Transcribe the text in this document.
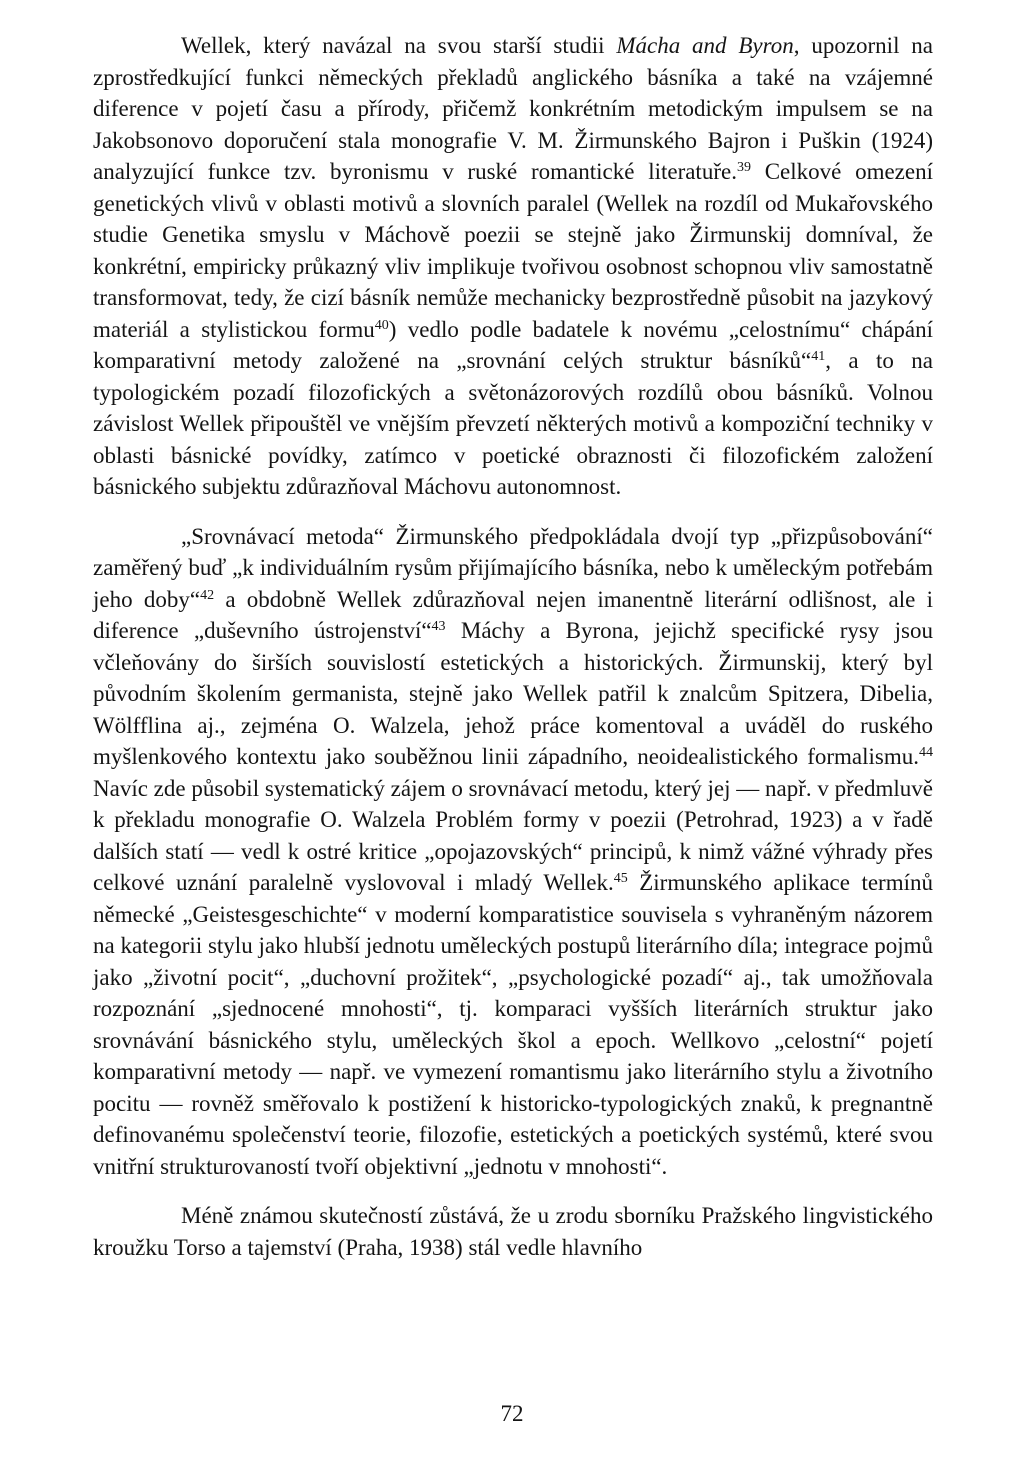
Wellek, který navázal na svou starší studii Mácha and Byron, upozornil na zprostředkující funkci německých překladů anglického básníka a také na vzájemné diference v pojetí času a přírody, přičemž konkrétním metodickým impulsem se na Jakobsonovo doporučení stala monografie V. M. Žirmunského Bajron i Puškin (1924) analyzující funkce tzv. byronismu v ruské romantické literatuře.$^{39}$ Celkové omezení genetických vlivů v oblasti motivů a slovních paralel (Wellek na rozdíl od Mukařovského studie Genetika smyslu v Máchově poezii se stejně jako Žirmunskij domníval, že konkrétní, empiricky průkazný vliv implikuje tvořivou osobnost schopnou vliv samostatně transformovat, tedy, že cizí básník nemůže mechanicky bezprostředně působit na jazykový materiál a stylistickou formu$^{40}$) vedlo podle badatele k novému „celostnímu“ chápání komparativní metody založené na „srovnání celých struktur básníků“$^{41}$, a to na typologickém pozadí filozofických a světonázorových rozdílů obou básníků. Volnou závislost Wellek připouštěl ve vnějším převzetí některých motivů a kompoziční techniky v oblasti básnické povídky, zatímco v poetické obraznosti či filozofickém založení básnického subjektu zdůrazňoval Máchovu autonomnost.

„Srovnávací metoda“ Žirmunského předpokládala dvojí typ „přizpůsobování“ zaměřený buď „k individuálním rysům přijímajícího básníka, nebo k uměleckým potřebám jeho doby“$^{42}$ a obdobně Wellek zdůrazňoval nejen imanentně literární odlišnost, ale i diference „duševního ústrojenství“$^{43}$ Máchy a Byrona, jejichž specifické rysy jsou včleňovány do širších souvislostí estetických a historických. Žirmunskij, který byl původním školením germanista, stejně jako Wellek patřil k znalcům Spitzera, Dibelia, Wölfflina aj., zejména O. Walzela, jehož práce komentoval a uváděl do ruského myšlenkového kontextu jako souběžnou linii západního, neoidealistického formalismu.$^{44}$ Navíc zde působil systematický zájem o srovnávací metodu, který jej — např. v předmluvě k překladu monografie O. Walzela Problém formy v poezii (Petrohrad, 1923) a v řadě dalších statí — vedl k ostré kritice „opojazovských“ principů, k nimž vážné výhrady přes celkové uznání paralelně vyslovoval i mladý Wellek.$^{45}$ Žirmunského aplikace termínů německé „Geistesgeschichte“ v moderní komparatistice souvisela s vyhraněným názorem na kategorii stylu jako hlubší jednotu uměleckých postupů literárního díla; integrace pojmů jako „životní pocit“, „duchovní prožitek“, „psychologické pozadí“ aj., tak umožňovala rozpoznání „sjednocené mnohosti“, tj. komparaci vyšších literárních struktur jako srovnávání básnického stylu, uměleckých škol a epoch. Wellkovo „celostní“ pojetí komparativní metody — např. ve vymezení romantismu jako literárního stylu a životního pocitu — rovněž směřovalo k postižení k historicko-typologických znaků, k pregnantně definovanému společenství teorie, filozofie, estetických a poetických systémů, které svou vnitřní strukturovaností tvoří objektivní „jednotu v mnohosti“.

Méně známou skutečností zůstává, že u zrodu sborníku Pražského lingvistického kroužku Torso a tajemství (Praha, 1938) stál vedle hlavního

72
